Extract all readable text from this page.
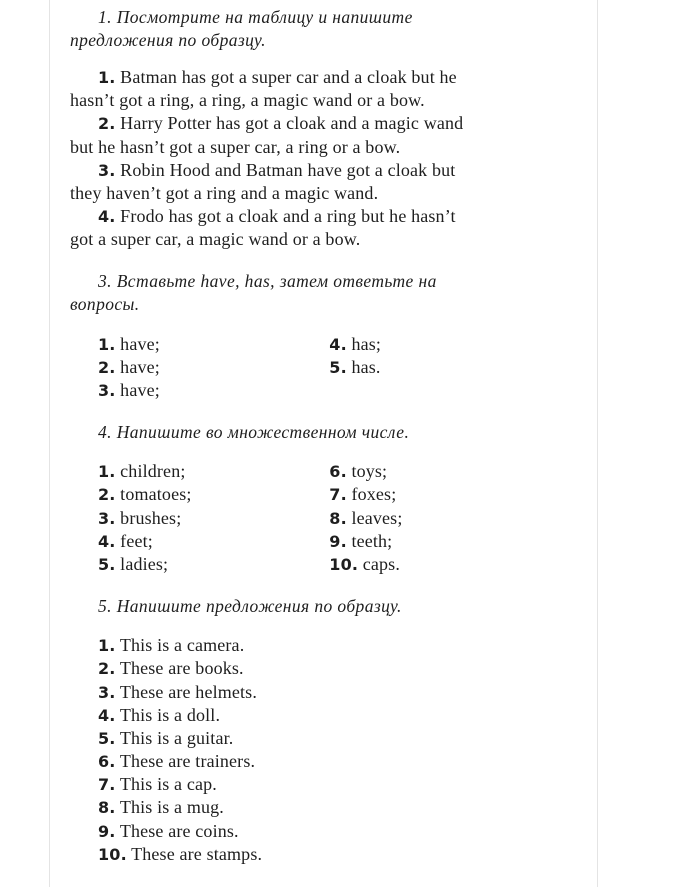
1. Посмотрите на таблицу и напишите
предложения по образцу.

1. Batman has got a super car and a cloak but he
hasn’t got a ring, a ring, a magic wand or a bow.

2. Harry Potter has got a cloak and a magic wand
but he hasn’t got a super car, a ring or a bow.

3. Robin Hood and Batman have got a cloak but
they haven’t got a ring and a magic wand.

4. Frodo has got a cloak and a ring but he hasn’t
got a super car, a magic wand or a bow.

3. Вставьте have, has, затем ответьте на
вопросы.

1. have;
2. have;
3. have;
4. has;
5. has.

4. Напишите во множественном числе.

1. children;
2. tomatoes;
3. brushes;
4. feet;
5. ladies;
6. toys;
7. foxes;
8. leaves;
9. teeth;
10. caps.

5. Напишите предложения по образцу.

1. This is a camera.
2. These are books.
3. These are helmets.
4. This is a doll.
5. This is a guitar.
6. These are trainers.
7. This is a cap.
8. This is a mug.
9. These are coins.
10. These are stamps.
